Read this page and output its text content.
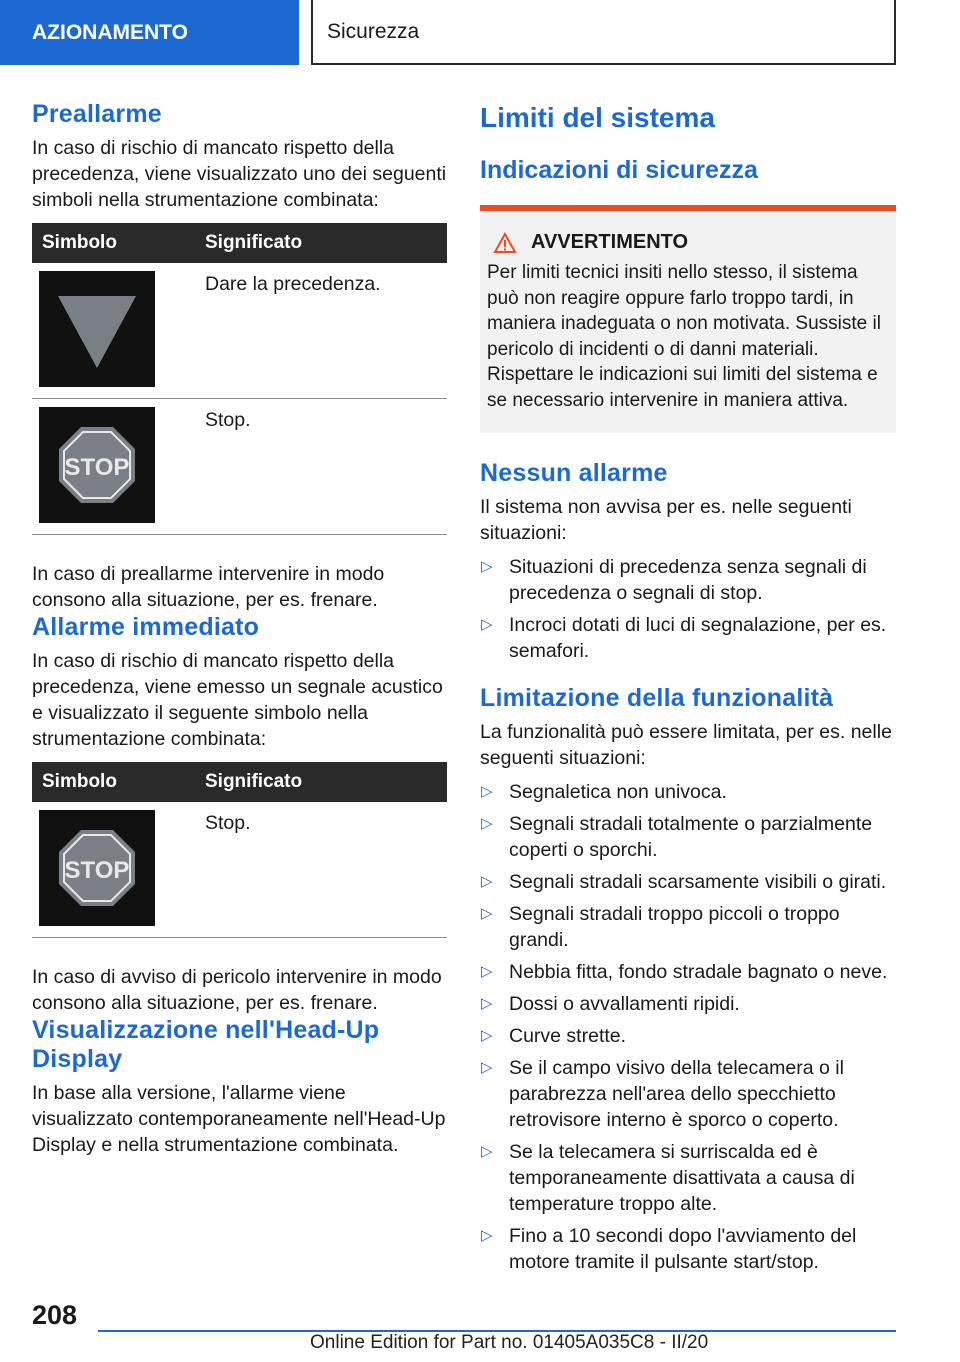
AZIONAMENTO	Sicurezza
Preallarme

In caso di rischio di mancato rispetto della precedenza, viene visualizzato uno dei seguenti simboli nella strumentazione combinata:

Simbolo	Significato

	Dare la precedenza.

STOP	Stop.

In caso di preallarme intervenire in modo consono alla situazione, per es. frenare.

Allarme immediato

In caso di rischio di mancato rispetto della precedenza, viene emesso un segnale acustico e visualizzato il seguente simbolo nella strumentazione combinata:

Simbolo	Significato

STOP	Stop.

In caso di avviso di pericolo intervenire in modo consono alla situazione, per es. frenare.

Visualizzazione nell'Head-Up Display

In base alla versione, l'allarme viene visualizzato contemporaneamente nell'Head-Up Display e nella strumentazione combinata.

Limiti del sistema
Indicazioni di sicurezza
AVVERTIMENTO

Per limiti tecnici insiti nello stesso, il sistema può non reagire oppure farlo troppo tardi, in maniera inadeguata o non motivata. Sussiste il pericolo di incidenti o di danni materiali. Rispettare le indicazioni sui limiti del sistema e se necessario intervenire in maniera attiva.

Nessun allarme

Il sistema non avvisa per es. nelle seguenti situazioni:

▷ Situazioni di precedenza senza segnali di precedenza o segnali di stop.
▷ Incroci dotati di luci di segnalazione, per es. semafori.
Limitazione della funzionalità

La funzionalità può essere limitata, per es. nelle seguenti situazioni:

▷ Segnaletica non univoca.
▷ Segnali stradali totalmente o parzialmente coperti o sporchi.
▷ Segnali stradali scarsamente visibili o girati.
▷ Segnali stradali troppo piccoli o troppo grandi.
▷ Nebbia fitta, fondo stradale bagnato o neve.
▷ Dossi o avvallamenti ripidi.
▷ Curve strette.
▷ Se il campo visivo della telecamera o il parabrezza nell'area dello specchietto retrovisore interno è sporco o coperto.
▷ Se la telecamera si surriscalda ed è temporaneamente disattivata a causa di temperature troppo alte.
▷ Fino a 10 secondi dopo l'avviamento del motore tramite il pulsante start/stop.
208
Online Edition for Part no. 01405A035C8 - II/20
